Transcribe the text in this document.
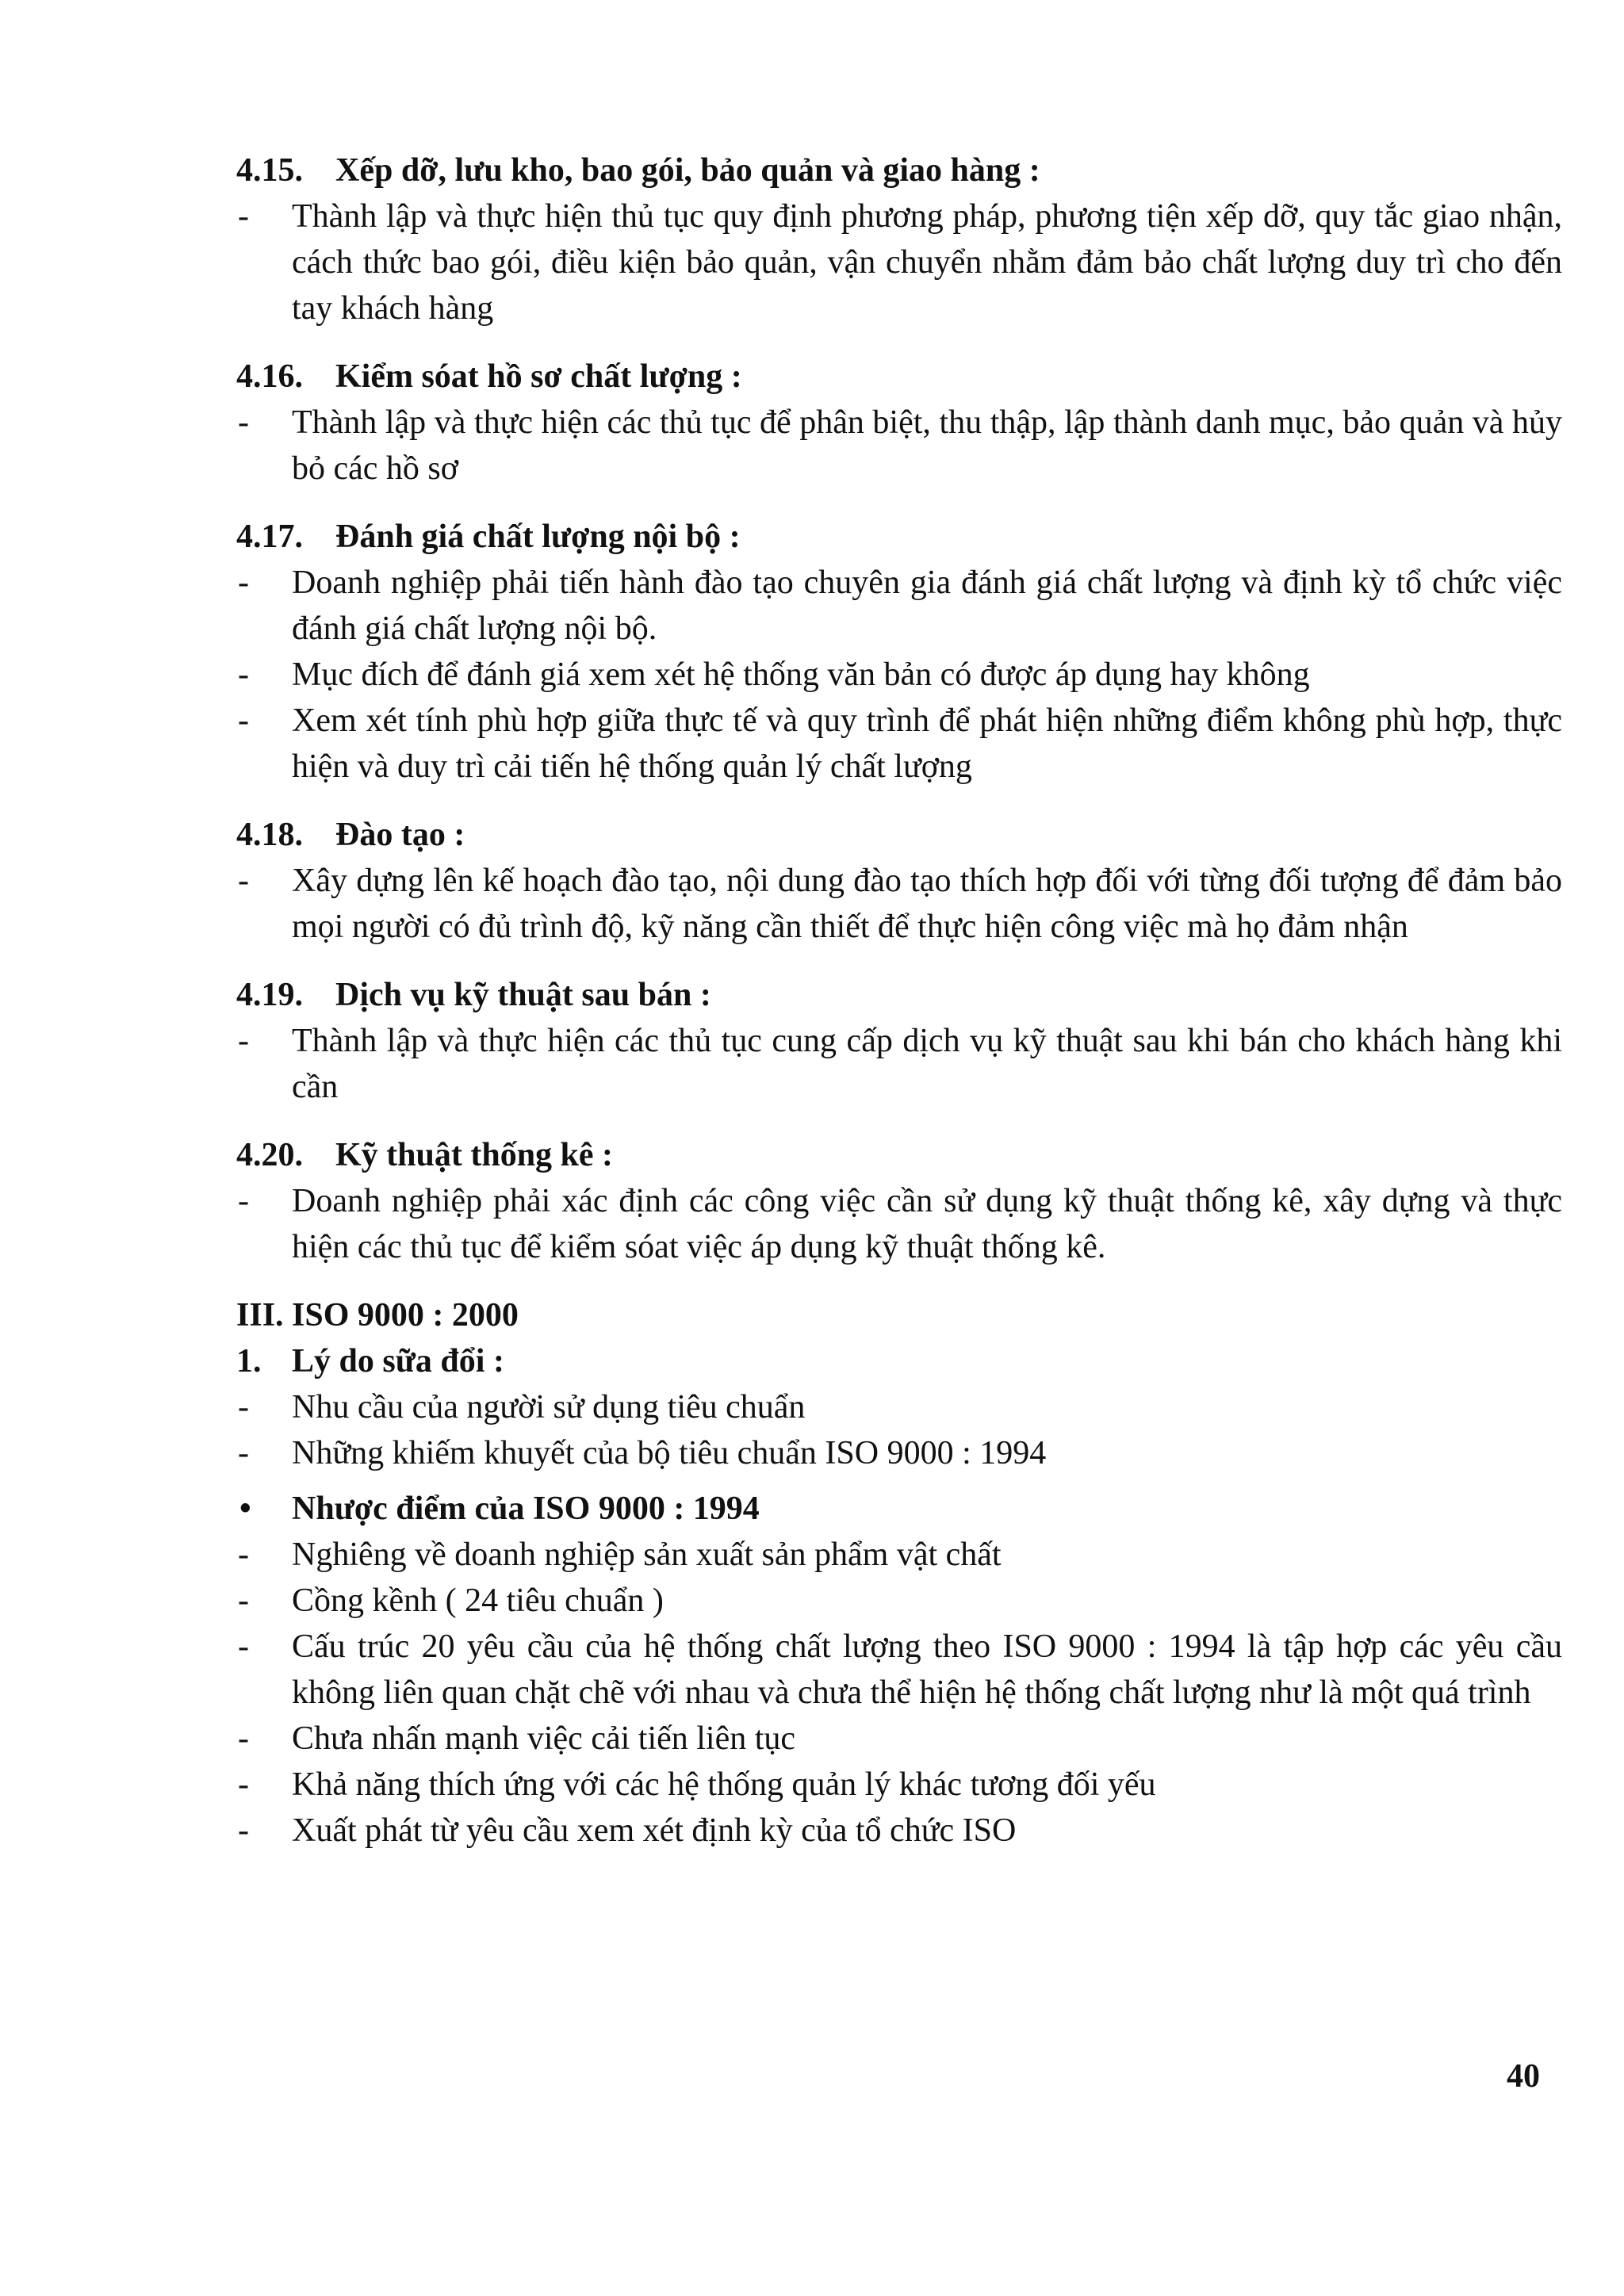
4.15. Xếp dỡ, lưu kho, bao gói, bảo quản và giao hàng :

- Thành lập và thực hiện thủ tục quy định phương pháp, phương tiện xếp dỡ, quy tắc giao nhận, cách thức bao gói, điều kiện bảo quản, vận chuyển nhằm đảm bảo chất lượng duy trì cho đến tay khách hàng

4.16. Kiểm sóat hồ sơ chất lượng :

- Thành lập và thực hiện các thủ tục để phân biệt, thu thập, lập thành danh mục, bảo quản và hủy bỏ các hồ sơ

4.17. Đánh giá chất lượng nội bộ :

- Doanh nghiệp phải tiến hành đào tạo chuyên gia đánh giá chất lượng và định kỳ tổ chức việc đánh giá chất lượng nội bộ.
- Mục đích để đánh giá xem xét hệ thống văn bản có được áp dụng hay không
- Xem xét tính phù hợp giữa thực tế và quy trình để phát hiện những điểm không phù hợp, thực hiện và duy trì cải tiến hệ thống quản lý chất lượng

4.18. Đào tạo :

- Xây dựng lên kế hoạch đào tạo, nội dung đào tạo thích hợp đối với từng đối tượng để đảm bảo mọi người có đủ trình độ, kỹ năng cần thiết để thực hiện công việc mà họ đảm nhận

4.19. Dịch vụ kỹ thuật sau bán :

- Thành lập và thực hiện các thủ tục cung cấp dịch vụ kỹ thuật sau khi bán cho khách hàng khi cần

4.20. Kỹ thuật thống kê :

- Doanh nghiệp phải xác định các công việc cần sử dụng kỹ thuật thống kê, xây dựng và thực hiện các thủ tục để kiểm sóat việc áp dụng kỹ thuật thống kê.

III. ISO 9000 : 2000

1. Lý do sữa đổi :

- Nhu cầu của người sử dụng tiêu chuẩn
- Những khiếm khuyết của bộ tiêu chuẩn ISO 9000 : 1994

• Nhược điểm của ISO 9000 : 1994

- Nghiêng về doanh nghiệp sản xuất sản phẩm vật chất
- Cồng kềnh ( 24 tiêu chuẩn )
- Cấu trúc 20 yêu cầu của hệ thống chất lượng theo ISO 9000 : 1994 là tập hợp các yêu cầu không liên quan chặt chẽ với nhau và chưa thể hiện hệ thống chất lượng như là một quá trình
- Chưa nhấn mạnh việc cải tiến liên tục
- Khả năng thích ứng với các hệ thống quản lý khác tương đối yếu
- Xuất phát từ yêu cầu xem xét định kỳ của tổ chức ISO
40
